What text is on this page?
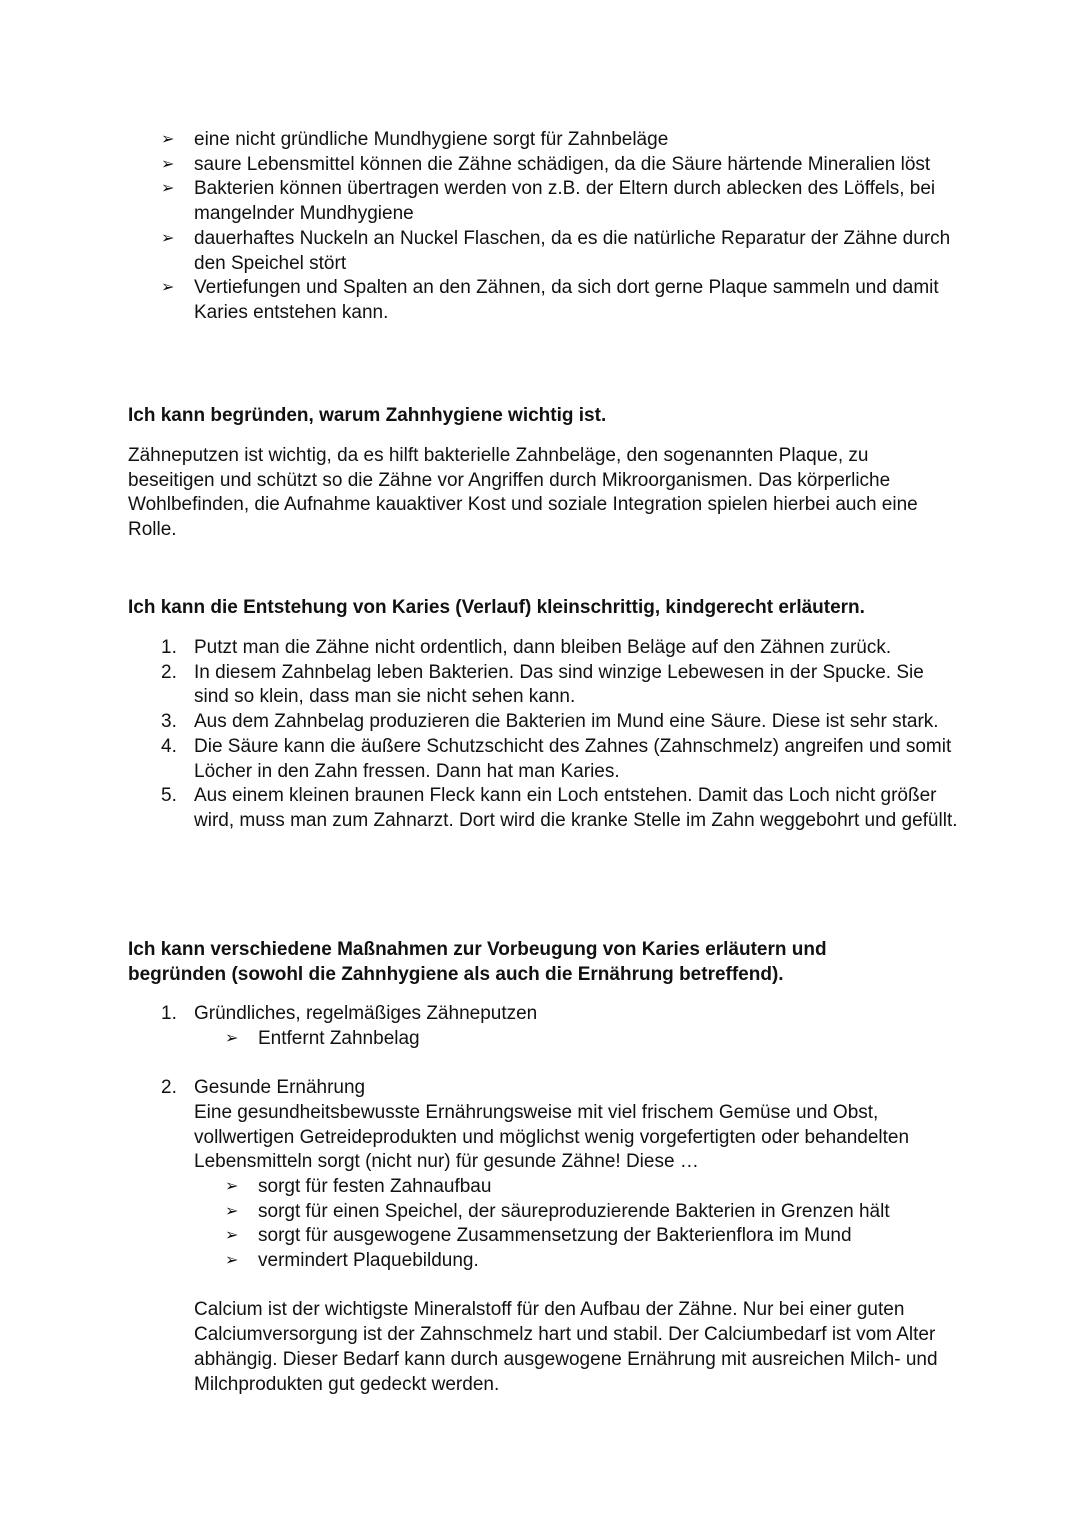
➢ eine nicht gründliche Mundhygiene sorgt für Zahnbeläge
➢ saure Lebensmittel können die Zähne schädigen, da die Säure härtende Mineralien löst
➢ Bakterien können übertragen werden von z.B. der Eltern durch ablecken des Löffels, bei mangelnder Mundhygiene
➢ dauerhaftes Nuckeln an Nuckel Flaschen, da es die natürliche Reparatur der Zähne durch den Speichel stört
➢ Vertiefungen und Spalten an den Zähnen, da sich dort gerne Plaque sammeln und damit Karies entstehen kann.
Ich kann begründen, warum Zahnhygiene wichtig ist.

Zähneputzen ist wichtig, da es hilft bakterielle Zahnbeläge, den sogenannten Plaque, zu beseitigen und schützt so die Zähne vor Angriffen durch Mikroorganismen. Das körperliche Wohlbefinden, die Aufnahme kauaktiver Kost und soziale Integration spielen hierbei auch eine Rolle.

Ich kann die Entstehung von Karies (Verlauf) kleinschrittig, kindgerecht erläutern.
1. Putzt man die Zähne nicht ordentlich, dann bleiben Beläge auf den Zähnen zurück.
2. In diesem Zahnbelag leben Bakterien. Das sind winzige Lebewesen in der Spucke. Sie sind so klein, dass man sie nicht sehen kann.
3. Aus dem Zahnbelag produzieren die Bakterien im Mund eine Säure. Diese ist sehr stark.
4. Die Säure kann die äußere Schutzschicht des Zahnes (Zahnschmelz) angreifen und somit Löcher in den Zahn fressen. Dann hat man Karies.
5. Aus einem kleinen braunen Fleck kann ein Loch entstehen. Damit das Loch nicht größer wird, muss man zum Zahnarzt. Dort wird die kranke Stelle im Zahn weggebohrt und gefüllt.
Ich kann verschiedene Maßnahmen zur Vorbeugung von Karies erläutern und begründen (sowohl die Zahnhygiene als auch die Ernährung betreffend).
1. Gründliches, regelmäßiges Zähneputzen
➢ Entfernt Zahnbelag
2. Gesunde Ernährung
Eine gesundheitsbewusste Ernährungsweise mit viel frischem Gemüse und Obst, vollwertigen Getreideprodukten und möglichst wenig vorgefertigten oder behandelten Lebensmitteln sorgt (nicht nur) für gesunde Zähne! Diese …
➢ sorgt für festen Zahnaufbau
➢ sorgt für einen Speichel, der säureproduzierende Bakterien in Grenzen hält
➢ sorgt für ausgewogene Zusammensetzung der Bakterienflora im Mund
➢ vermindert Plaquebildung.
Calcium ist der wichtigste Mineralstoff für den Aufbau der Zähne. Nur bei einer guten Calciumversorgung ist der Zahnschmelz hart und stabil. Der Calciumbedarf ist vom Alter abhängig. Dieser Bedarf kann durch ausgewogene Ernährung mit ausreichen Milch- und Milchprodukten gut gedeckt werden.
